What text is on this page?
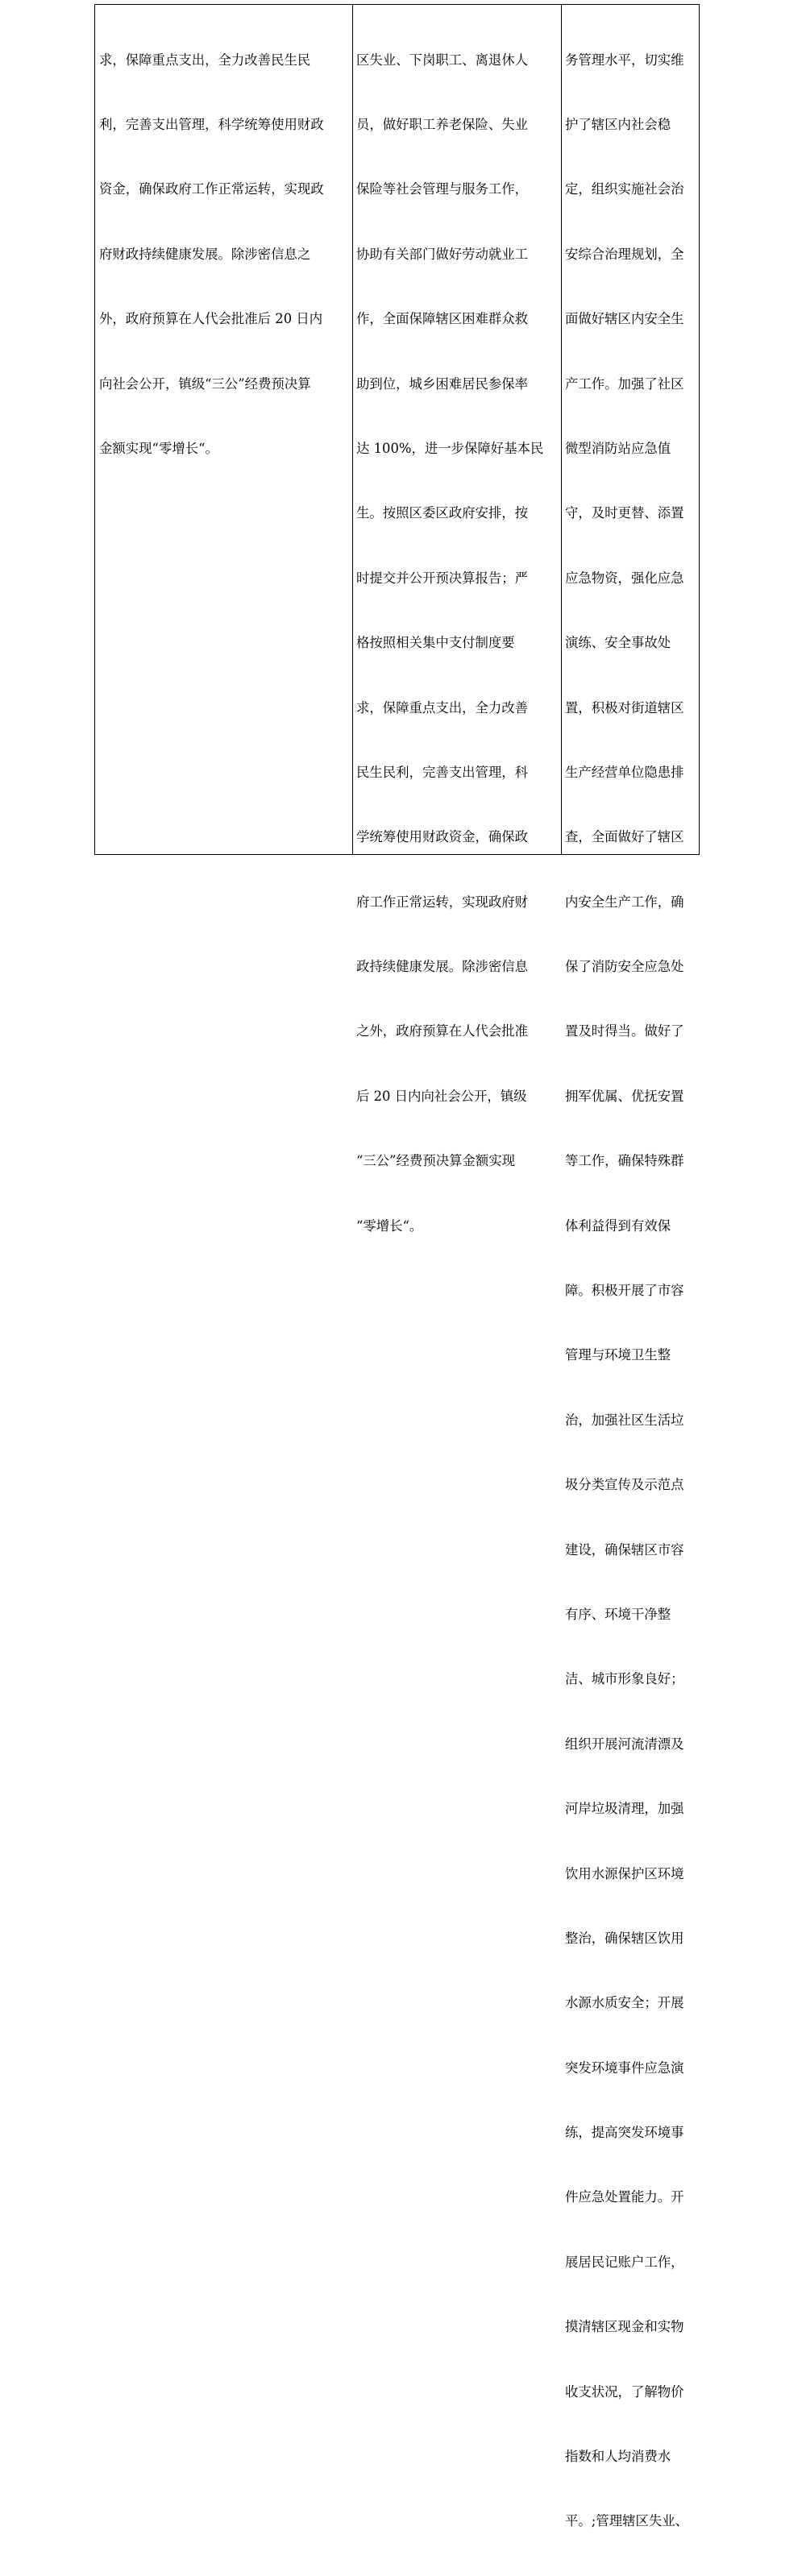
求，保障重点支出，全力改善民生民

利，完善支出管理，科学统筹使用财政

资金，确保政府工作正常运转，实现政

府财政持续健康发展。除涉密信息之

外，政府预算在人代会批准后 20 日内

向社会公开，镇级“三公”经费预决算

金额实现“零增长“。

区失业、下岗职工、离退休人

员，做好职工养老保险、失业

保险等社会管理与服务工作，

协助有关部门做好劳动就业工

作，全面保障辖区困难群众救

助到位，城乡困难居民参保率

达 100%，进一步保障好基本民

生。按照区委区政府安排，按

时提交并公开预决算报告；严

格按照相关集中支付制度要

求，保障重点支出，全力改善

民生民利，完善支出管理，科

学统筹使用财政资金，确保政

府工作正常运转，实现政府财

政持续健康发展。除涉密信息

之外，政府预算在人代会批准

后 20 日内向社会公开，镇级

“三公”经费预决算金额实现

“零增长“。

务管理水平，切实维

护了辖区内社会稳

定，组织实施社会治

安综合治理规划，全

面做好辖区内安全生

产工作。加强了社区

微型消防站应急值

守，及时更替、添置

应急物资，强化应急

演练、安全事故处

置，积极对街道辖区

生产经营单位隐患排

查，全面做好了辖区

内安全生产工作，确

保了消防安全应急处

置及时得当。做好了

拥军优属、优抚安置

等工作，确保特殊群

体利益得到有效保

障。积极开展了市容

管理与环境卫生整

治，加强社区生活垃

圾分类宣传及示范点

建设，确保辖区市容

有序、环境干净整

洁、城市形象良好；

组织开展河流清漂及

河岸垃圾清理，加强

饮用水源保护区环境

整治，确保辖区饮用

水源水质安全；开展

突发环境事件应急演

练，提高突发环境事

件应急处置能力。开

展居民记账户工作，

摸清辖区现金和实物

收支状况，了解物价

指数和人均消费水

平。;管理辖区失业、
